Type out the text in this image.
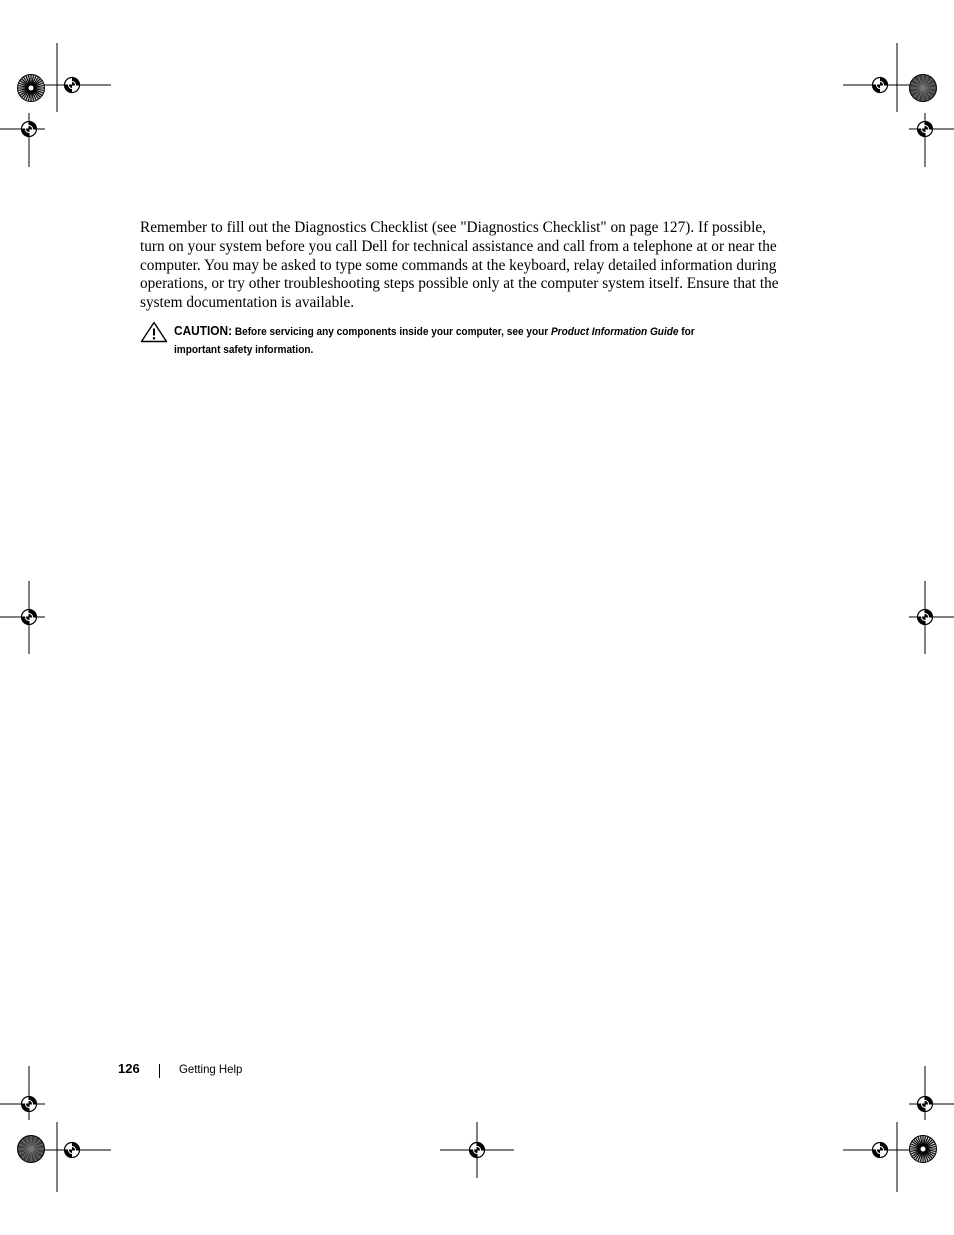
Remember to fill out the Diagnostics Checklist (see "Diagnostics Checklist" on page 127). If possible,
turn on your system before you call Dell for technical assistance and call from a telephone at or near the
computer. You may be asked to type some commands at the keyboard, relay detailed information during
operations, or try other troubleshooting steps possible only at the computer system itself. Ensure that the
system documentation is available.
CAUTION: Before servicing any components inside your computer, see your Product Information Guide for
important safety information.
126	Getting Help
